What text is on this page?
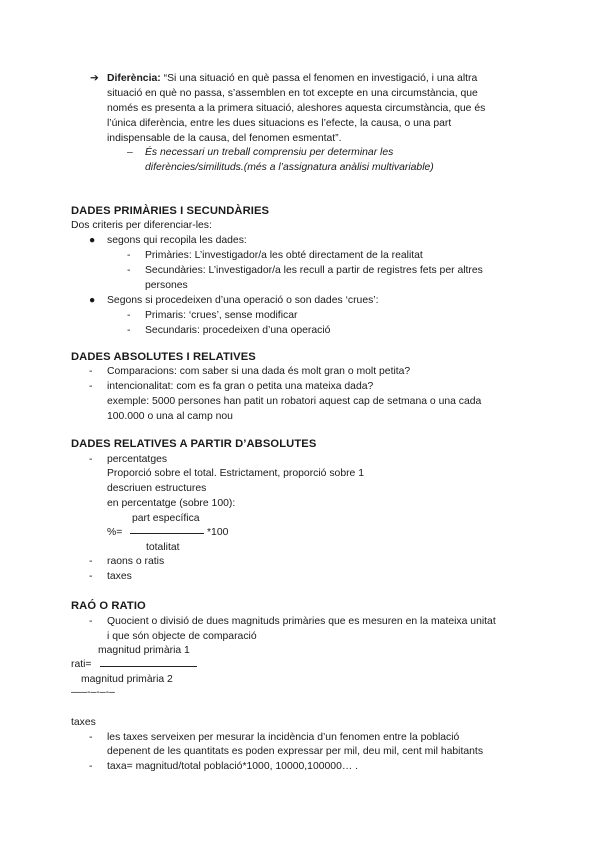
➔ Diferència: “Si una situació en què passa el fenomen en investigació, i una altra
situació en què no passa, s’assemblen en tot excepte en una circumstància, que
només es presenta a la primera situació, aleshores aquesta circumstància, que és
l’única diferència, entre les dues situacions es l’efecte, la causa, o una part
indispensable de la causa, del fenomen esmentat”.
– És necessari un treball comprensiu per determinar les
diferències/similituds.(més a l’assignatura anàlisi multivariable)
DADES PRIMÀRIES I SECUNDÀRIES
Dos criteris per diferenciar-les:
● segons qui recopila les dades:
- Primàries: L’investigador/a les obté directament de la realitat
- Secundàries: L’investigador/a les recull a partir de registres fets per altres
persones
● Segons si procedeixen d’una operació o son dades ‘crues’:
- Primaris: ‘crues’, sense modificar
- Secundaris: procedeixen d’una operació
DADES ABSOLUTES I RELATIVES
- Comparacions: com saber si una dada és molt gran o molt petita?
- intencionalitat: com es fa gran o petita una mateixa dada?
exemple: 5000 persones han patit un robatori aquest cap de setmana o una cada
100.000 o una al camp nou
DADES RELATIVES A PARTIR D’ABSOLUTES
- percentatges
Proporció sobre el total. Estrictament, proporció sobre 1
descriuen estructures
en percentatge (sobre 100):
part específica
%=	*100
totalitat
- raons o ratis
- taxes
RAÓ O RATIO
- Quocient o divisió de dues magnituds primàries que es mesuren en la mateixa unitat
i que són objecte de comparació
magnitud primària 1
rati=
magnitud primària 2
—–-–-–-–
taxes
- les taxes serveixen per mesurar la incidència d’un fenomen entre la població
depenent de les quantitats es poden expressar per mil, deu mil, cent mil habitants
- taxa= magnitud/total població*1000, 10000,100000… .
